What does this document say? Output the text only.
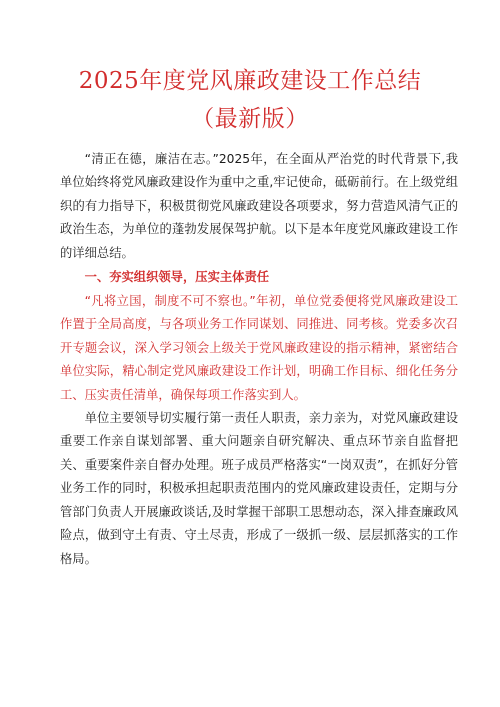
2025年度党风廉政建设工作总结
（最新版）

“清正在德，廉洁在志。”2025年，在全面从严治党的时代背景下,我单位始终将党风廉政建设作为重中之重,牢记使命，砥砺前行。在上级党组织的有力指导下，积极贯彻党风廉政建设各项要求，努力营造风清气正的政治生态，为单位的蓬勃发展保驾护航。以下是本年度党风廉政建设工作的详细总结。

一、夯实组织领导，压实主体责任

“凡将立国，制度不可不察也。”年初，单位党委便将党风廉政建设工作置于全局高度，与各项业务工作同谋划、同推进、同考核。党委多次召开专题会议，深入学习领会上级关于党风廉政建设的指示精神，紧密结合单位实际，精心制定党风廉政建设工作计划，明确工作目标、细化任务分工、压实责任清单，确保每项工作落实到人。

单位主要领导切实履行第一责任人职责，亲力亲为，对党风廉政建设重要工作亲自谋划部署、重大问题亲自研究解决、重点环节亲自监督把关、重要案件亲自督办处理。班子成员严格落实“一岗双责”，在抓好分管业务工作的同时，积极承担起职责范围内的党风廉政建设责任，定期与分管部门负责人开展廉政谈话,及时掌握干部职工思想动态，深入排查廉政风险点，做到守土有责、守土尽责，形成了一级抓一级、层层抓落实的工作格局。
